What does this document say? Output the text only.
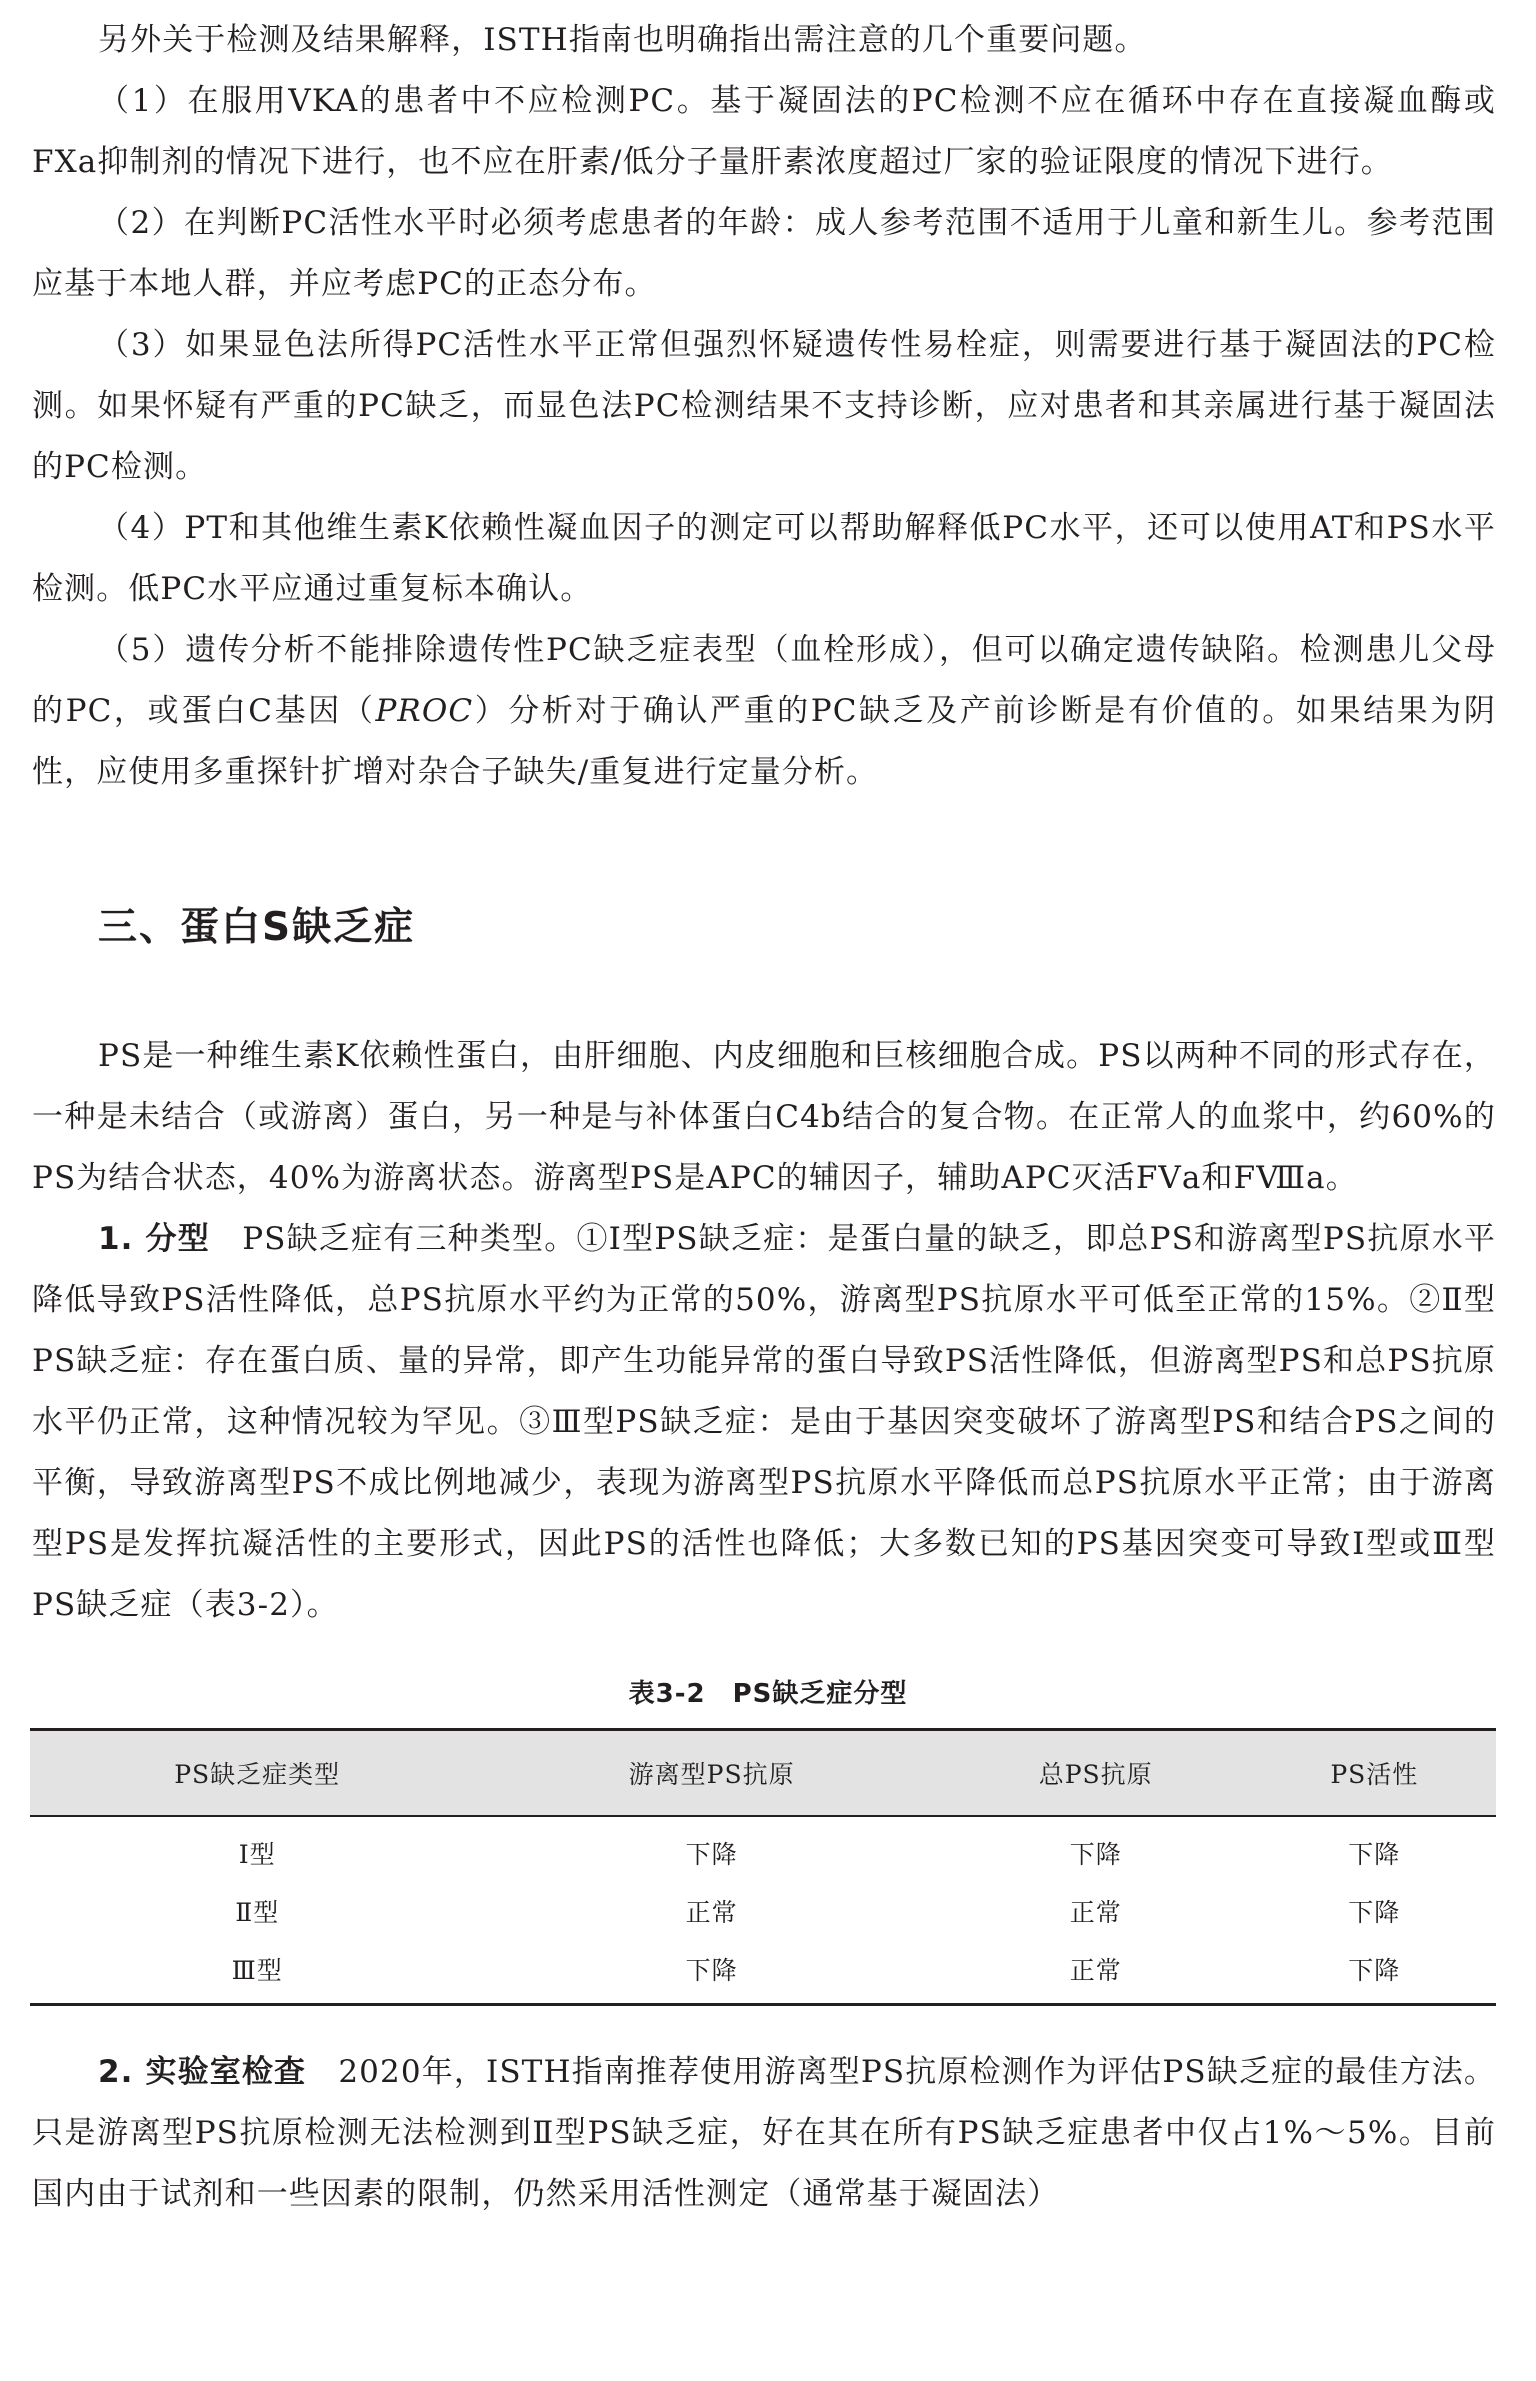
另外关于检测及结果解释，ISTH指南也明确指出需注意的几个重要问题。

（1）在服用VKA的患者中不应检测PC。基于凝固法的PC检测不应在循环中存在直接凝血酶或FXa抑制剂的情况下进行，也不应在肝素/低分子量肝素浓度超过厂家的验证限度的情况下进行。

（2）在判断PC活性水平时必须考虑患者的年龄：成人参考范围不适用于儿童和新生儿。参考范围应基于本地人群，并应考虑PC的正态分布。

（3）如果显色法所得PC活性水平正常但强烈怀疑遗传性易栓症，则需要进行基于凝固法的PC检测。如果怀疑有严重的PC缺乏，而显色法PC检测结果不支持诊断，应对患者和其亲属进行基于凝固法的PC检测。

（4）PT和其他维生素K依赖性凝血因子的测定可以帮助解释低PC水平，还可以使用AT和PS水平检测。低PC水平应通过重复标本确认。

（5）遗传分析不能排除遗传性PC缺乏症表型（血栓形成），但可以确定遗传缺陷。检测患儿父母的PC，或蛋白C基因（PROC）分析对于确认严重的PC缺乏及产前诊断是有价值的。如果结果为阴性，应使用多重探针扩增对杂合子缺失/重复进行定量分析。

三、蛋白S缺乏症

PS是一种维生素K依赖性蛋白，由肝细胞、内皮细胞和巨核细胞合成。PS以两种不同的形式存在，一种是未结合（或游离）蛋白，另一种是与补体蛋白C4b结合的复合物。在正常人的血浆中，约60%的PS为结合状态，40%为游离状态。游离型PS是APC的辅因子，辅助APC灭活FⅤa和FⅧa。

1. 分型　 PS缺乏症有三种类型。①Ⅰ型PS缺乏症：是蛋白量的缺乏，即总PS和游离型PS抗原水平降低导致PS活性降低，总PS抗原水平约为正常的50%，游离型PS抗原水平可低至正常的15%。②Ⅱ型PS缺乏症：存在蛋白质、量的异常，即产生功能异常的蛋白导致PS活性降低，但游离型PS和总PS抗原水平仍正常，这种情况较为罕见。③Ⅲ型PS缺乏症：是由于基因突变破坏了游离型PS和结合PS之间的平衡，导致游离型PS不成比例地减少，表现为游离型PS抗原水平降低而总PS抗原水平正常；由于游离型PS是发挥抗凝活性的主要形式，因此PS的活性也降低；大多数已知的PS基因突变可导致Ⅰ型或Ⅲ型PS缺乏症（表3-2）。

表3-2　PS缺乏症分型
PS缺乏症类型	游离型PS抗原	总PS抗原	PS活性
Ⅰ型	下降	下降	下降
Ⅱ型	正常	正常	下降
Ⅲ型	下降	正常	下降

2. 实验室检查　 2020年，ISTH指南推荐使用游离型PS抗原检测作为评估PS缺乏症的最佳方法。只是游离型PS抗原检测无法检测到Ⅱ型PS缺乏症，好在其在所有PS缺乏症患者中仅占1%～5%。目前国内由于试剂和一些因素的限制，仍然采用活性测定（通常基于凝固法）
